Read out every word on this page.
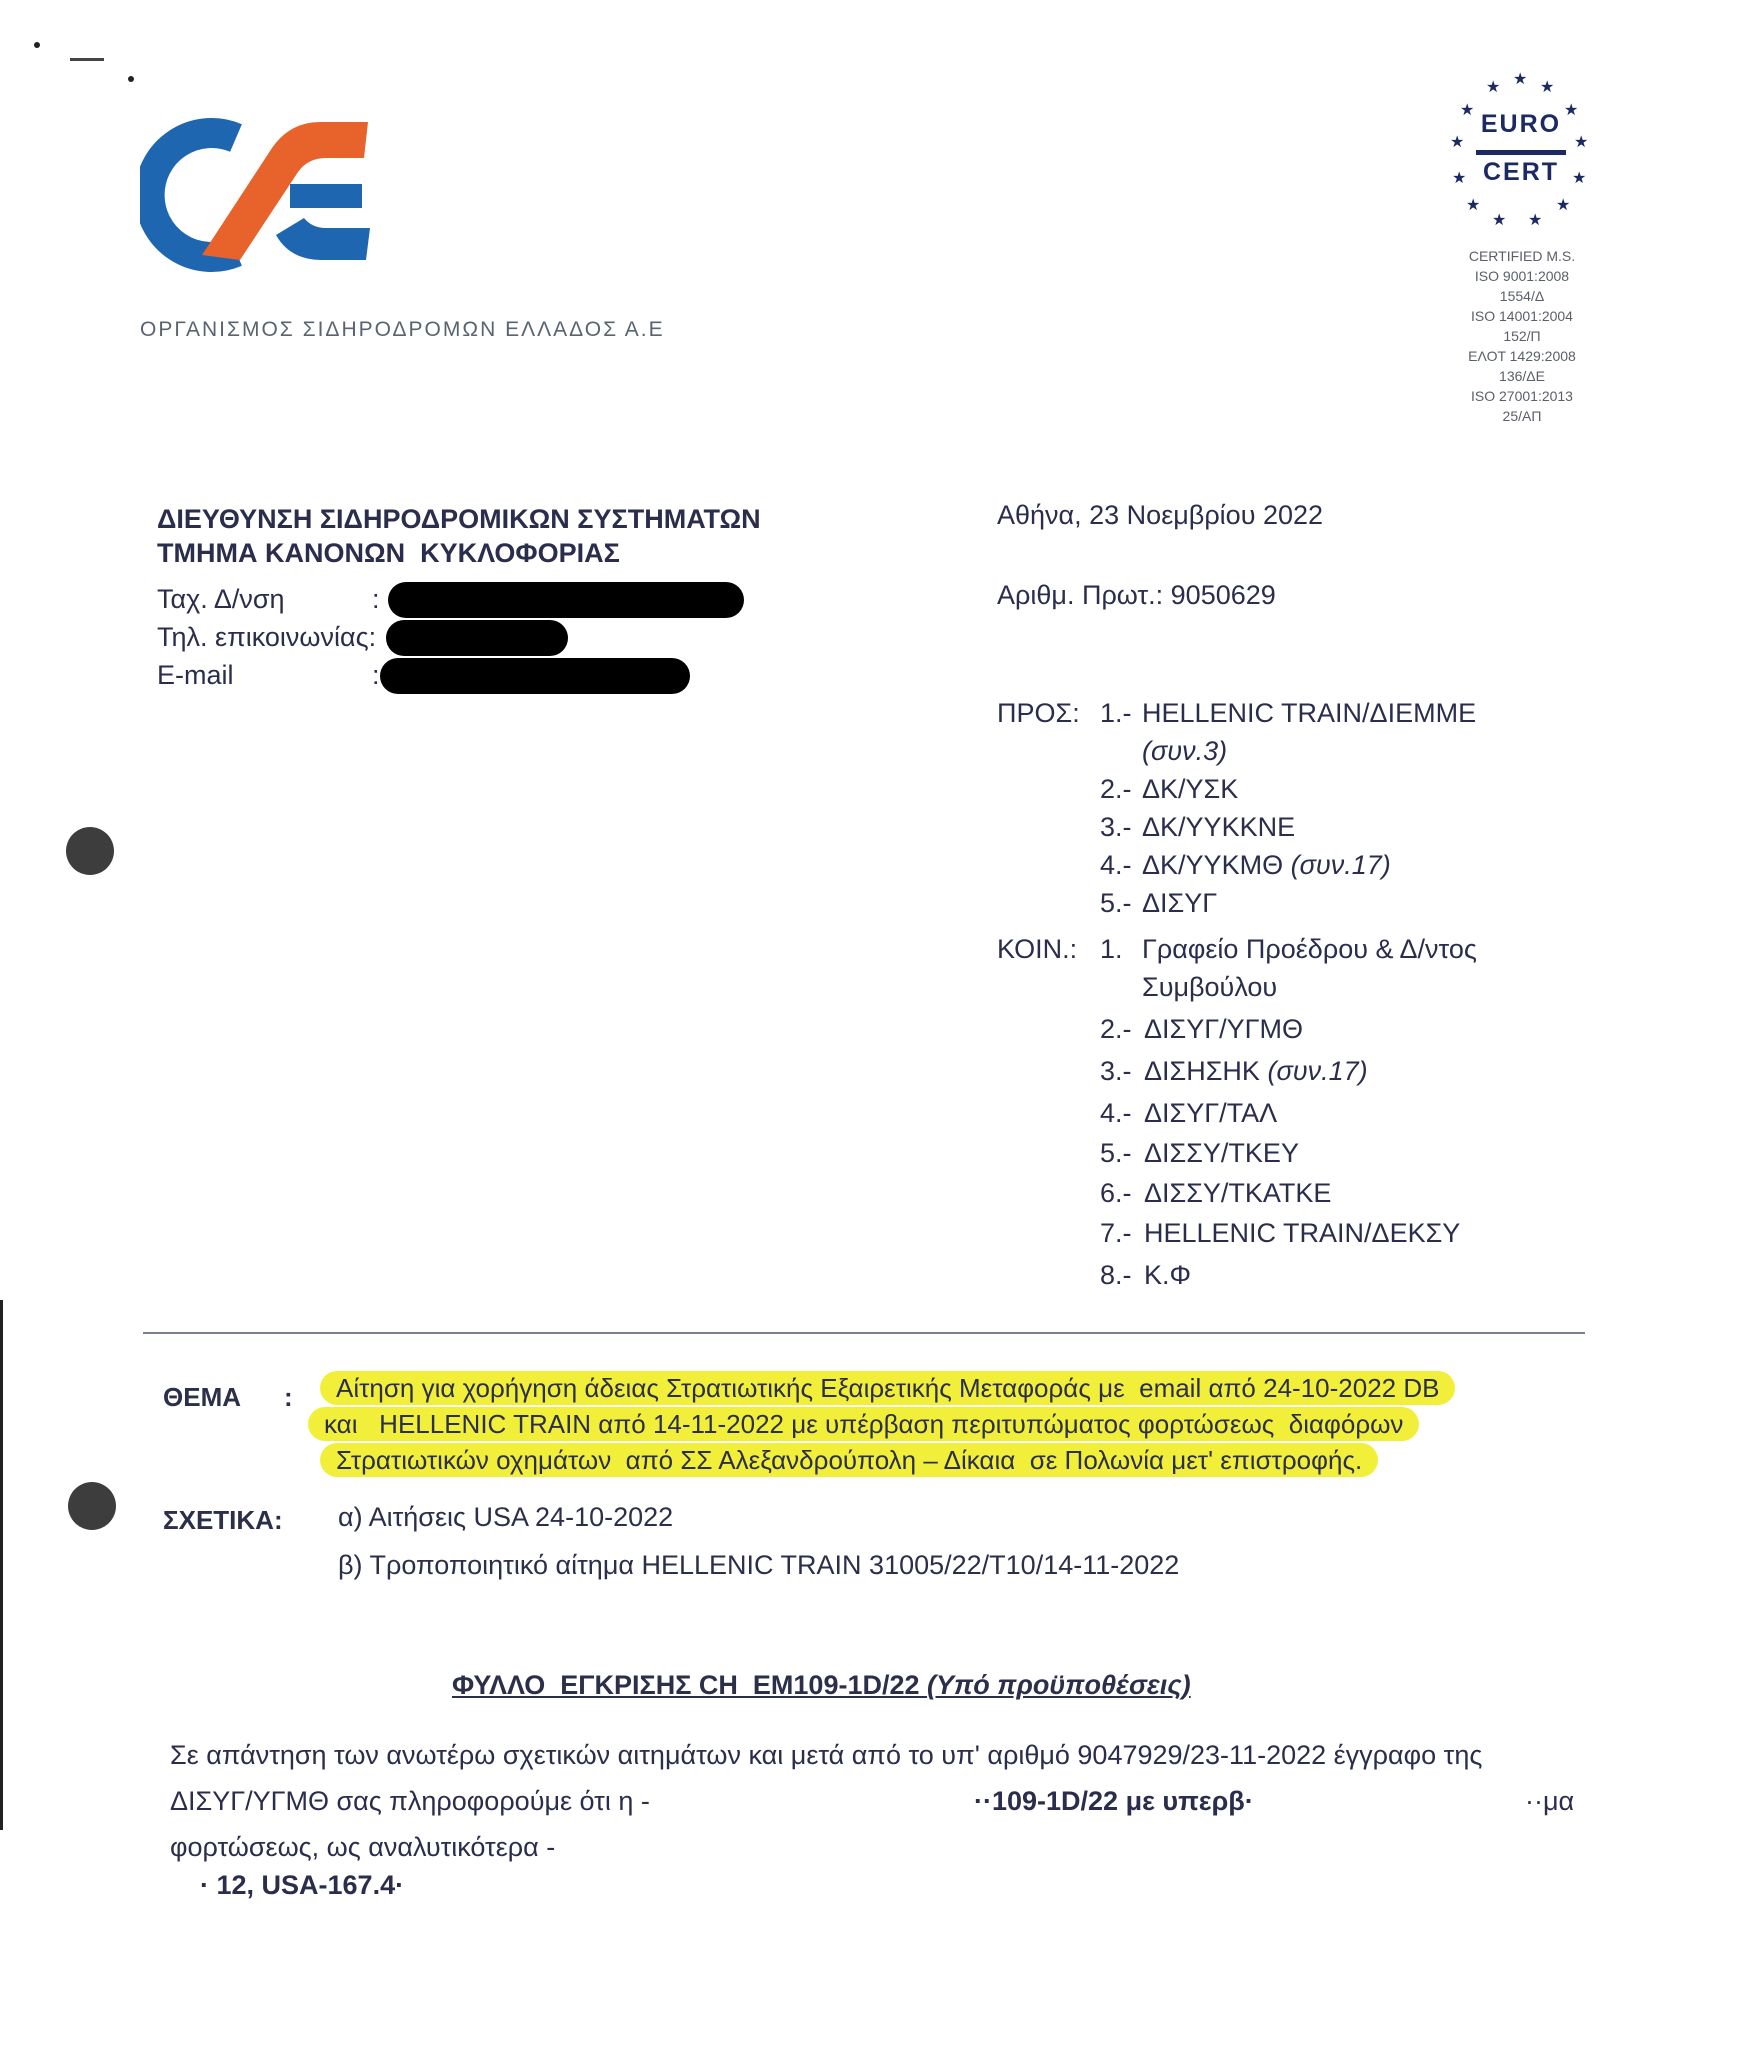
ΟΡΓΑΝΙΣΜΟΣ ΣΙΔΗΡΟΔΡΟΜΩΝ ΕΛΛΑΔΟΣ Α.Ε
★ ★ ★
★	★
★	★
★	★
★	★
★ ★
EURO
CERT
CERTIFIED M.S.
ISO 9001:2008
1554/Δ
ISO 14001:2004
152/Π
ΕΛΟΤ 1429:2008
136/ΔΕ
ISO 27001:2013
25/ΑΠ
ΔΙΕΥΘΥΝΣΗ ΣΙΔΗΡΟΔΡΟΜΙΚΩΝ ΣΥΣΤΗΜΑΤΩΝ
ΤΜΗΜΑ ΚΑΝΟΝΩΝ  ΚΥΚΛΟΦΟΡΙΑΣ
Ταχ. Δ/νση	:
Τηλ. επικοινωνίας:
E-mail	:
Αθήνα, 23 Νοεμβρίου 2022
Αριθμ. Πρωτ.: 9050629
ΠΡΟΣ: 1.- HELLENIC TRAIN/ΔΙΕΜΜΕ
(συν.3)
2.- ΔΚ/ΥΣΚ
3.- ΔΚ/ΥΥΚΚΝΕ
4.- ΔΚ/ΥΥΚΜΘ (συν.17)
5.- ΔΙΣΥΓ
ΚΟΙΝ.: 1. Γραφείο Προέδρου & Δ/ντος
Συμβούλου
2.- ΔΙΣΥΓ/ΥΓΜΘ
3.- ΔΙΣΗΣΗΚ (συν.17)
4.- ΔΙΣΥΓ/ΤΑΛ
5.- ΔΙΣΣΥ/ΤΚΕΥ
6.- ΔΙΣΣΥ/ΤΚΑΤΚΕ
7.- HELLENIC TRAIN/ΔΕΚΣΥ
8.- Κ.Φ
ΘΕΜΑ :	Αίτηση για χορήγηση άδειας Στρατιωτικής Εξαιρετικής Μεταφοράς με  email από 24-10-2022 DB
και   HELLENIC TRAIN από 14-11-2022 με υπέρβαση περιτυπώματος φορτώσεως  διαφόρων
Στρατιωτικών οχημάτων  από ΣΣ Αλεξανδρούπολη – Δίκαια  σε Πολωνία μετ' επιστροφής.
ΣΧΕΤΙΚΑ: α) Αιτήσεις USA 24-10-2022
β) Τροποποιητικό αίτημα HELLENIC TRAIN 31005/22/T10/14-11-2022
ΦΥΛΛΟ  ΕΓΚΡΙΣΗΣ CH  EM109-1D/22 (Υπό προϋποθέσεις)
Σε απάντηση των ανωτέρω σχετικών αιτημάτων και μετά από το υπ' αριθμό 9047929/23-11-2022 έγγραφο της
ΔΙΣΥΓ/ΥΓΜΘ σας πληροφορούμε ότι η -	··109-1D/22 με υπερβ·	··μα
φορτώσεως, ως αναλυτικότερα -
· 12, USA-167.4·
